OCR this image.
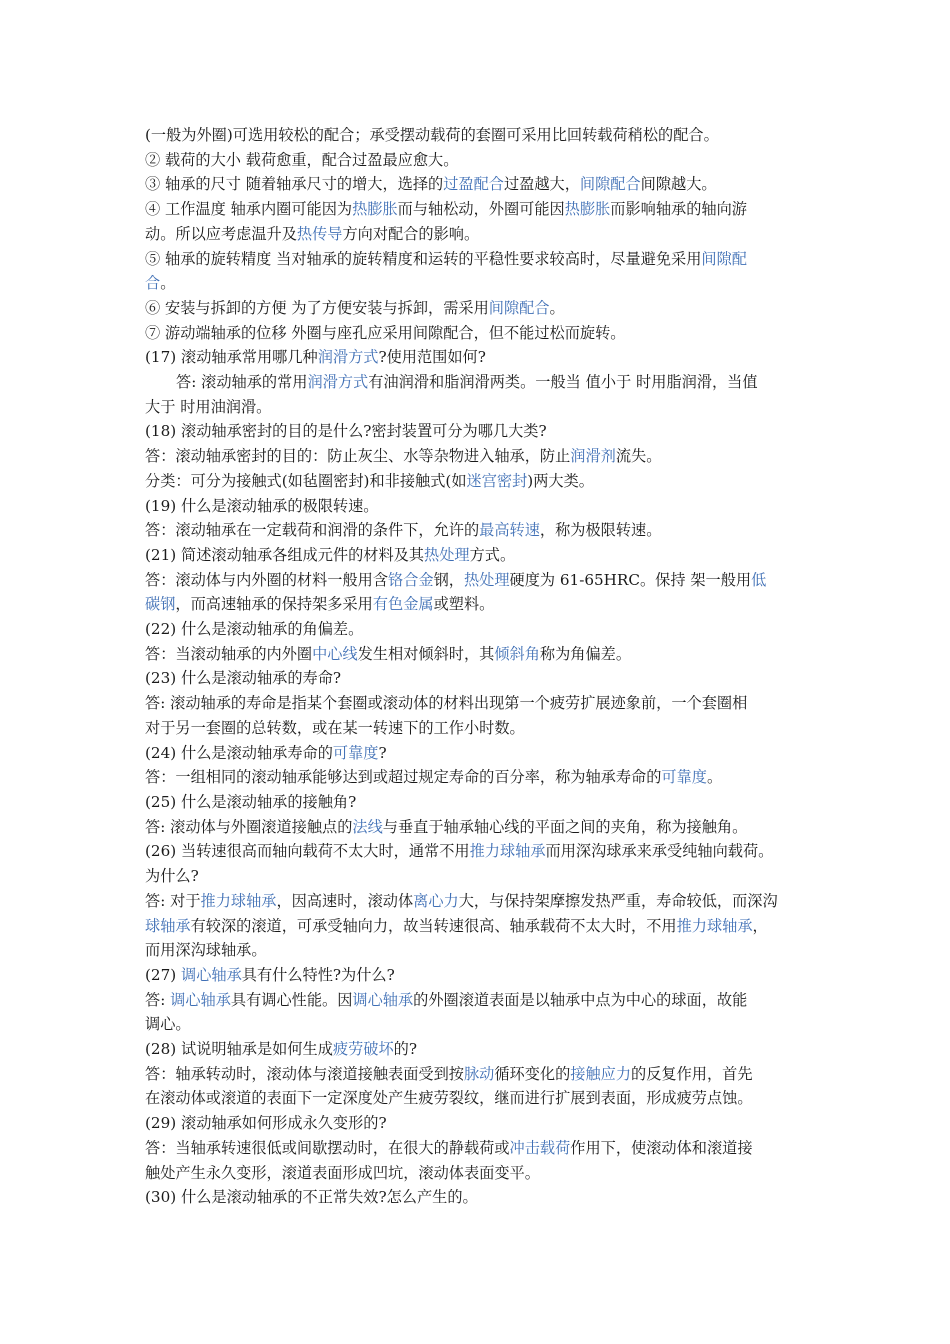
(一般为外圈)可选用较松的配合；承受摆动载荷的套圈可采用比回转载荷稍松的配合。
② 载荷的大小 载荷愈重，配合过盈最应愈大。
③ 轴承的尺寸 随着轴承尺寸的增大，选择的过盈配合过盈越大，间隙配合间隙越大。
④ 工作温度 轴承内圈可能因为热膨胀而与轴松动，外圈可能因热膨胀而影响轴承的轴向游
动。所以应考虑温升及热传导方向对配合的影响。
⑤ 轴承的旋转精度 当对轴承的旋转精度和运转的平稳性要求较高时，尽量避免采用间隙配
合。
⑥ 安装与拆卸的方便 为了方便安装与拆卸，需采用间隙配合。
⑦ 游动端轴承的位移 外圈与座孔应采用间隙配合，但不能过松而旋转。
(17) 滚动轴承常用哪几种润滑方式?使用范围如何?
答: 滚动轴承的常用润滑方式有油润滑和脂润滑两类。一般当 值小于 时用脂润滑，当值
大于 时用油润滑。
(18) 滚动轴承密封的目的是什么?密封装置可分为哪几大类?
答：滚动轴承密封的目的：防止灰尘、水等杂物进入轴承，防止润滑剂流失。
分类：可分为接触式(如毡圈密封)和非接触式(如迷宫密封)两大类。
(19) 什么是滚动轴承的极限转速。
答：滚动轴承在一定载荷和润滑的条件下，允许的最高转速，称为极限转速。
(21) 简述滚动轴承各组成元件的材料及其热处理方式。
答：滚动体与内外圈的材料一般用含铬合金钢，热处理硬度为 61-65HRC。保持 架一般用低
碳钢，而高速轴承的保持架多采用有色金属或塑料。
(22) 什么是滚动轴承的角偏差。
答：当滚动轴承的内外圈中心线发生相对倾斜时，其倾斜角称为角偏差。
(23) 什么是滚动轴承的寿命?
答: 滚动轴承的寿命是指某个套圈或滚动体的材料出现第一个疲劳扩展迹象前，一个套圈相
对于另一套圈的总转数，或在某一转速下的工作小时数。
(24) 什么是滚动轴承寿命的可靠度?
答：一组相同的滚动轴承能够达到或超过规定寿命的百分率，称为轴承寿命的可靠度。
(25) 什么是滚动轴承的接触角?
答: 滚动体与外圈滚道接触点的法线与垂直于轴承轴心线的平面之间的夹角，称为接触角。
(26) 当转速很高而轴向载荷不太大时，通常不用推力球轴承而用深沟球承来承受纯轴向载荷。
为什么?
答: 对于推力球轴承，因高速时，滚动体离心力大，与保持架摩擦发热严重，寿命较低，而深沟
球轴承有较深的滚道，可承受轴向力，故当转速很高、轴承载荷不太大时，不用推力球轴承，
而用深沟球轴承。
(27) 调心轴承具有什么特性?为什么?
答: 调心轴承具有调心性能。因调心轴承的外圈滚道表面是以轴承中点为中心的球面，故能
调心。
(28) 试说明轴承是如何生成疲劳破坏的?
答：轴承转动时，滚动体与滚道接触表面受到按脉动循环变化的接触应力的反复作用，首先
在滚动体或滚道的表面下一定深度处产生疲劳裂纹，继而进行扩展到表面，形成疲劳点蚀。
(29) 滚动轴承如何形成永久变形的?
答：当轴承转速很低或间歇摆动时，在很大的静载荷或冲击载荷作用下，使滚动体和滚道接
触处产生永久变形，滚道表面形成凹坑，滚动体表面变平。
(30) 什么是滚动轴承的不正常失效?怎么产生的。
